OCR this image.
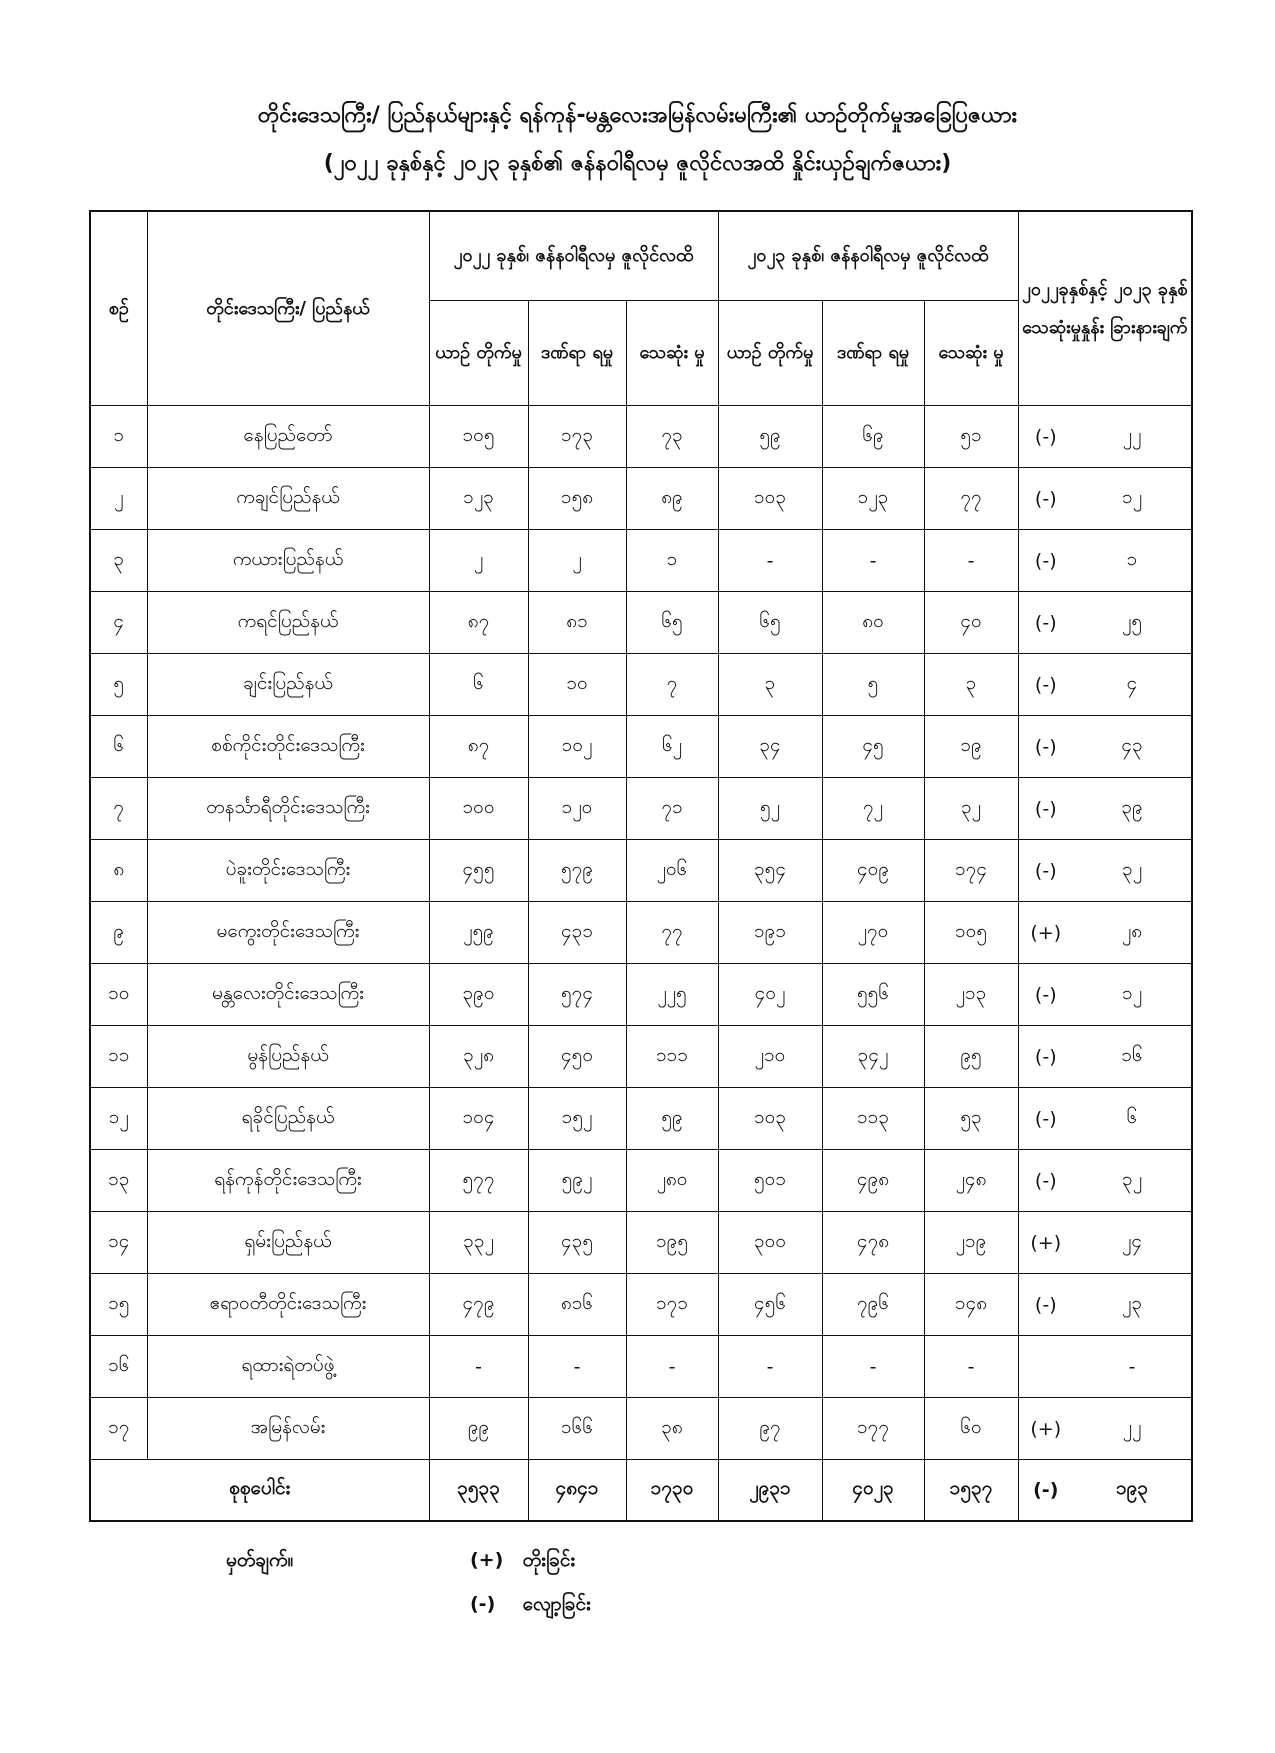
တိုင်းဒေသကြီး/ ပြည်နယ်များနှင့် ရန်ကုန်-မန္တလေးအမြန်လမ်းမကြီး၏ ယာဉ်တိုက်မှုအခြေပြဇယား
(၂၀၂၂ ခုနှစ်နှင့် ၂၀၂၃ ခုနှစ်၏ ဇန်နဝါရီလမှ ဇူလိုင်လအထိ နှိုင်းယှဉ်ချက်ဇယား)
စဉ်	တိုင်းဒေသကြီး/ ပြည်နယ်	၂၀၂၂ ခုနှစ်၊ ဇန်နဝါရီလမှ ဇူလိုင်လထိ			၂၀၂၃ ခုနှစ်၊ ဇန်နဝါရီလမှ ဇူလိုင်လထိ			၂၀၂၂ခုနှစ်နှင့် ၂၀၂၃ ခုနှစ် သေဆုံးမှုနှုန်း ခြားနားချက်	
		ယာဉ် တိုက်မှု	ဒဏ်ရာ ရမှု	သေဆုံး မှု	ယာဉ် တိုက်မှု	ဒဏ်ရာ ရမှု	သေဆုံး မှု		
၁	နေပြည်တော်	၁၀၅	၁၇၃	၇၃	၅၉	၆၉	၅၁	(-)	၂၂
၂	ကချင်ပြည်နယ်	၁၂၃	၁၅၈	၈၉	၁၀၃	၁၂၃	၇၇	(-)	၁၂
၃	ကယားပြည်နယ်	၂	၂	၁	-	-	-	(-)	၁
၄	ကရင်ပြည်နယ်	၈၇	၈၁	၆၅	၆၅	၈၀	၄၀	(-)	၂၅
၅	ချင်းပြည်နယ်	၆	၁၀	၇	၃	၅	၃	(-)	၄
၆	စစ်ကိုင်းတိုင်းဒေသကြီး	၈၇	၁၀၂	၆၂	၃၄	၄၅	၁၉	(-)	၄၃
၇	တနင်္သာရီတိုင်းဒေသကြီး	၁၀၀	၁၂၀	၇၁	၅၂	၇၂	၃၂	(-)	၃၉
၈	ပဲခူးတိုင်းဒေသကြီး	၄၅၅	၅၇၉	၂၀၆	၃၅၄	၄၀၉	၁၇၄	(-)	၃၂
၉	မကွေးတိုင်းဒေသကြီး	၂၅၉	၄၃၁	၇၇	၁၉၁	၂၇၀	၁၀၅	(+)	၂၈
၁၀	မန္တလေးတိုင်းဒေသကြီး	၃၉၀	၅၇၄	၂၂၅	၄၀၂	၅၅၆	၂၁၃	(-)	၁၂
၁၁	မွန်ပြည်နယ်	၃၂၈	၄၅၀	၁၁၁	၂၁၀	၃၄၂	၉၅	(-)	၁၆
၁၂	ရခိုင်ပြည်နယ်	၁၀၄	၁၅၂	၅၉	၁၀၃	၁၁၃	၅၃	(-)	၆
၁၃	ရန်ကုန်တိုင်းဒေသကြီး	၅၇၇	၅၉၂	၂၈၀	၅၀၁	၄၉၈	၂၄၈	(-)	၃၂
၁၄	ရှမ်းပြည်နယ်	၃၃၂	၄၃၅	၁၉၅	၃၀၀	၄၇၈	၂၁၉	(+)	၂၄
၁၅	ဧရာဝတီတိုင်းဒေသကြီး	၄၇၉	၈၁၆	၁၇၁	၄၅၆	၇၉၆	၁၄၈	(-)	၂၃
၁၆	ရထားရဲတပ်ဖွဲ့	-	-	-	-	-	-		-
၁၇	အမြန်လမ်း	၉၉	၁၆၆	၃၈	၉၇	၁၇၇	၆၀	(+)	၂၂
စုစုပေါင်း		၃၅၃၃	၄၈၄၁	၁၇၃၀	၂၉၃၁	၄၀၂၃	၁၅၃၇	(-)	၁၉၃
မှတ်ချက်။	(+) တိုးခြင်း
(-) လျော့ခြင်း
